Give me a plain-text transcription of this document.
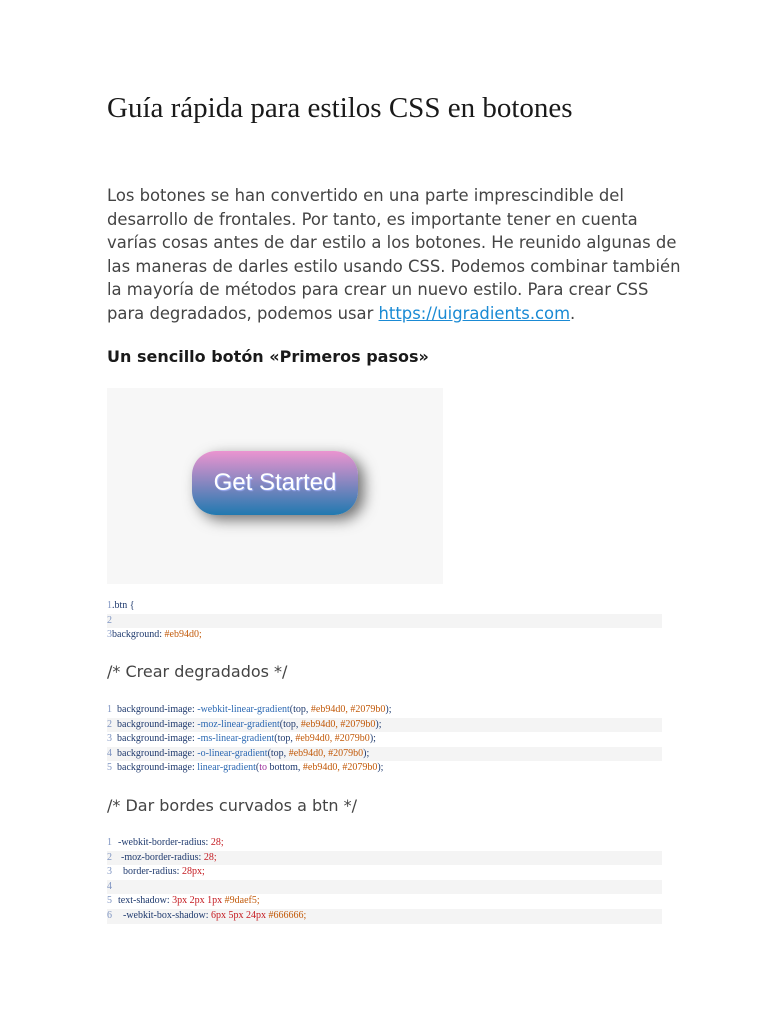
Guía rápida para estilos CSS en botones

Los botones se han convertido en una parte imprescindible del desarrollo de frontales. Por tanto, es importante tener en cuenta varías cosas antes de dar estilo a los botones. He reunido algunas de las maneras de darles estilo usando CSS. Podemos combinar también la mayoría de métodos para crear un nuevo estilo. Para crear CSS para degradados, podemos usar https://uigradients.com.

Un sencillo botón «Primeros pasos»
Get Started
1.btn {
2
3background: #eb94d0;

/* Crear degradados */

1 background-image: -webkit-linear-gradient(top, #eb94d0, #2079b0);
2 background-image: -moz-linear-gradient(top, #eb94d0, #2079b0);
3 background-image: -ms-linear-gradient(top, #eb94d0, #2079b0);
4 background-image: -o-linear-gradient(top, #eb94d0, #2079b0);
5 background-image: linear-gradient(to bottom, #eb94d0, #2079b0);

/* Dar bordes curvados a btn */

1 -webkit-border-radius: 28;
2 -moz-border-radius: 28;
3 border-radius: 28px;
4
5 text-shadow: 3px 2px 1px #9daef5;
6 -webkit-box-shadow: 6px 5px 24px #666666;
